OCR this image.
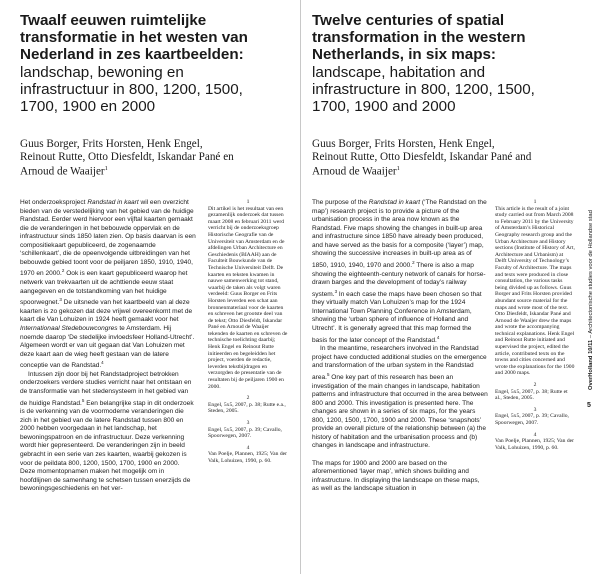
Twaalf eeuwen ruimtelijke

transformatie in het westen van

Nederland in zes kaartbeelden:

landschap, bewoning en

infrastructuur in 800, 1200, 1500,

1700, 1900 en 2000

Guus Borger, Frits Horsten, Henk Engel,

Reinout Rutte, Otto Diesfeldt, Iskandar Pané en

Arnoud de Waaijer$^1$

Het onderzoeksproject Randstad in kaart wil een overzicht bieden van de verstedelijking van het gebied van de huidige Randstad. Eerder werd hiervoor een vijftal kaarten gemaakt die de veranderingen in het bebouwde oppervlak en de infrastructuur sinds 1850 laten zien. Op basis daarvan is een compositiekaart gepubliceerd, de zogenaamde ‘schillenkaart’, die de opeenvolgende uitbreidingen van het bebouwde gebied toont voor de peiljaren 1850, 1910, 1940, 1970 en 2000.$^2$ Ook is een kaart gepubliceerd waarop het netwerk van trekvaarten uit de achttiende eeuw staat aangegeven en de totstandkoming van het huidige spoorwegnet.$^3$ De uitsnede van het kaartbeeld van al deze kaarten is zo gekozen dat deze vrijwel overeenkomt met de kaart die Van Lohuizen in 1924 heeft gemaakt voor het Internationaal Stedebouwcongres te Amsterdam. Hij noemde daarop ‘De stedelijke invloedsfeer Holland-Utrecht’. Algemeen wordt er van uit gegaan dat Van Lohuizen met deze kaart aan de wieg heeft gestaan van de latere conceptie van de Randstad.$^4$

Intussen zijn door bij het Randstadproject betrokken onderzoekers verdere studies verricht naar het ontstaan en de transformatie van het stedensysteem in het gebied van de huidige Randstad.$^5$ Een belangrijke stap in dit onderzoek is de verkenning van de voormoderne veranderingen die zich in het gebied van de latere Randstad tussen 800 en 2000 hebben voorgedaan in het landschap, het bewoningspatroon en de infrastructuur. Deze verkenning wordt hier gepresenteerd. De veranderingen zijn in beeld gebracht in een serie van zes kaarten, waarbij gekozen is voor de peildata 800, 1200, 1500, 1700, 1900 en 2000. Deze momentopnamen maken het mogelijk om in hoofdlijnen de samenhang te schetsen tussen enerzijds de bewoningsgeschiedenis en het ver-

1
Dit artikel is het resultaat van een gezamenlijk onderzoek dat tussen maart 2008 en februari 2011 werd verricht bij de onderzoeksgroep Historische Geografie van de Universiteit van Amsterdam en de afdelingen Urban Architecture en Geschiedenis (BIAAH) aan de Faculteit Bouwkunde van de Technische Universiteit Delft. De kaarten en teksten kwamen in nauwe samenwerking tot stand, waarbij de taken als volgt waren verdeeld: Guus Borger en Frits Horsten leverden een schat aan bronnenmateriaal voor de kaarten en schreven het grootste deel van de tekst; Otto Diesfeldt, Iskandar Pané en Arnoud de Waaijer tekenden de kaarten en schreven de technische toelichting daarbij; Henk Engel en Reinout Rutte initieerden en begeleidden het project, voerden de redactie, leverden tekstbijdragen en verzorgden de presentatie van de resultaten bij de peiljaren 1900 en 2000.
2
Engel, 5x5, 2007, p. 38; Rutte e.a., Steden, 2005.
3
Engel, 5x5, 2007, p. 39; Cavallo, Spoorwegen, 2007.
4
Van Poelje, Plannen, 1925; Van der Valk, Lohuizen, 1990, p. 60.

Twelve centuries of spatial

transformation in the western

Netherlands, in six maps:

landscape, habitation and

infrastructure in 800, 1200, 1500,

1700, 1900 and 2000

Guus Borger, Frits Horsten, Henk Engel,

Reinout Rutte, Otto Diesfeldt, Iskandar Pané and

Arnoud de Waaijer$^1$

The purpose of the Randstad in kaart (‘The Randstad on the map’) research project is to provide a picture of the urbanisation process in the area now known as the Randstad. Five maps showing the changes in built-up area and infrastructure since 1850 have already been produced, and have served as the basis for a composite (‘layer’) map, showing the successive increases in built-up area as of 1850, 1910, 1940, 1970 and 2000.$^2$ There is also a map showing the eighteenth-century network of canals for horse-drawn barges and the development of today’s railway system.$^3$ In each case the maps have been chosen so that they virtually match Van Lohuizen’s map for the 1924 International Town Planning Conference in Amsterdam, showing the ‘urban sphere of influence of Holland and Utrecht’. It is generally agreed that this map formed the basis for the later concept of the Randstad.$^4$

In the meantime, researchers involved in the Randstad project have conducted additional studies on the emergence and transformation of the urban system in the Randstad area.$^5$ One key part of this research has been an investigation of the main changes in landscape, habitation patterns and infrastructure that occurred in the area between 800 and 2000. This investigation is presented here. The changes are shown in a series of six maps, for the years 800, 1200, 1500, 1700, 1900 and 2000. These ‘snapshots’ provide an overall picture of the relationship between (a) the history of habitation and the urbanisation process and (b) changes in landscape and infrastructure.

The maps for 1900 and 2000 are based on the aforementioned ‘layer map’, which shows building and infrastructure. In displaying the landscape on these maps, as well as the landscape situation in

1
This article is the result of a joint study carried out from March 2008 to February 2011 by the University of Amsterdam’s Historical Geography research group and the Urban Architecture and History sections (Institute of History of Art, Architecture and Urbanism) at Delft University of Technology’s Faculty of Architecture. The maps and texts were produced in close consultation, the various tasks being divided up as follows. Guus Borger and Frits Horsten provided abundant source material for the maps and wrote most of the text. Otto Diesfeldt, Iskandar Pané and Arnoud de Waaijer drew the maps and wrote the accompanying technical explanations. Henk Engel and Reinout Rutte initiated and supervised the project, edited the article, contributed texts on the towns and cities concerned and wrote the explanations for the 1900 and 2000 maps.
2
Engel, 5x5, 2007, p. 38; Rutte et al., Steden, 2005.
3
Engel, 5x5, 2007, p. 39; Cavallo, Spoorwegen, 2007.
4
Van Poelje, Plannen, 1925; Van der Valk, Lohuizen, 1990, p. 60.
OverHolland 10/11 – Architectonische studies voor de Hollandse stad
5
